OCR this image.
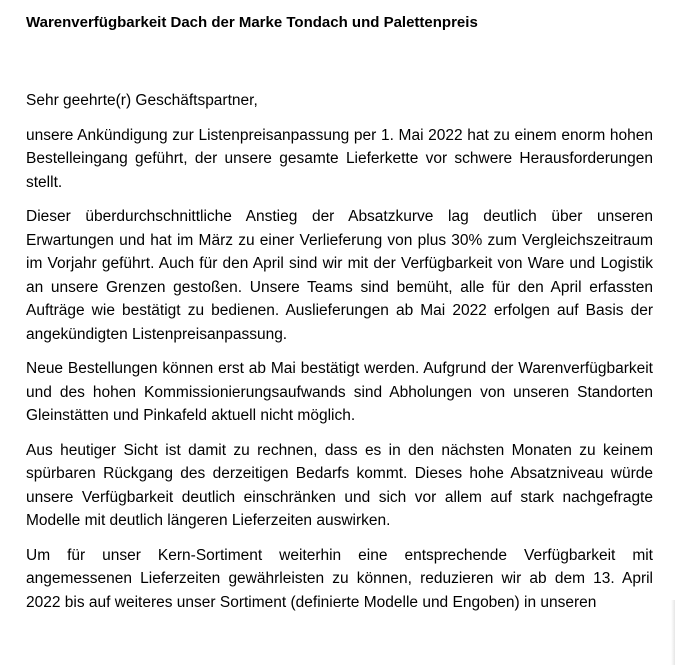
Warenverfügbarkeit Dach der Marke Tondach und Palettenpreis
Sehr geehrte(r) Geschäftspartner,
unsere Ankündigung zur Listenpreisanpassung per 1. Mai 2022 hat zu einem enorm hohen Bestelleingang geführt, der unsere gesamte Lieferkette vor schwere Herausforderungen stellt.
Dieser überdurchschnittliche Anstieg der Absatzkurve lag deutlich über unseren Erwartungen und hat im März zu einer Verlieferung von plus 30% zum Vergleichszeitraum im Vorjahr geführt. Auch für den April sind wir mit der Verfügbarkeit von Ware und Logistik an unsere Grenzen gestoßen. Unsere Teams sind bemüht, alle für den April erfassten Aufträge wie bestätigt zu bedienen. Auslieferungen ab Mai 2022 erfolgen auf Basis der angekündigten Listenpreisanpassung.
Neue Bestellungen können erst ab Mai bestätigt werden. Aufgrund der Warenverfügbarkeit und des hohen Kommissionierungsaufwands sind Abholungen von unseren Standorten Gleinstätten und Pinkafeld aktuell nicht möglich.
Aus heutiger Sicht ist damit zu rechnen, dass es in den nächsten Monaten zu keinem spürbaren Rückgang des derzeitigen Bedarfs kommt. Dieses hohe Absatzniveau würde unsere Verfügbarkeit deutlich einschränken und sich vor allem auf stark nachgefragte Modelle mit deutlich längeren Lieferzeiten auswirken.
Um für unser Kern-Sortiment weiterhin eine entsprechende Verfügbarkeit mit angemessenen Lieferzeiten gewährleisten zu können, reduzieren wir ab dem 13. April 2022 bis auf weiteres unser Sortiment (definierte Modelle und Engoben) in unseren
